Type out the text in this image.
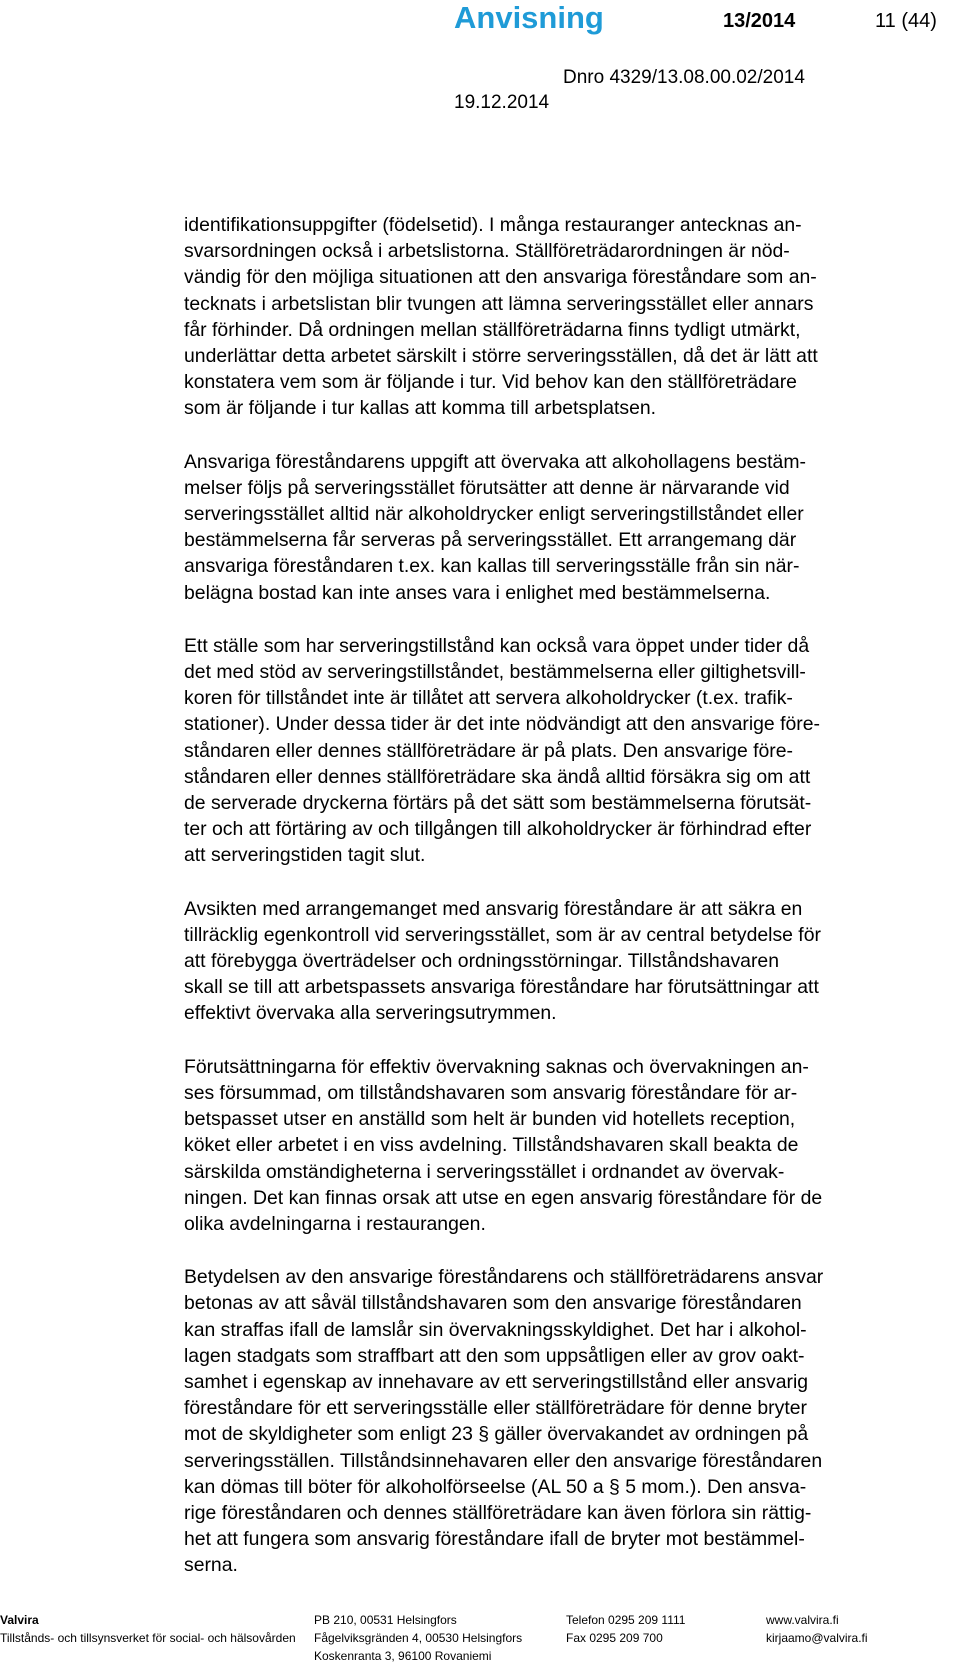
Anvisning	13/2014	11 (44)
Dnro 4329/13.08.00.02/2014
19.12.2014
identifikationsuppgifter (födelsetid). I många restauranger antecknas an-
svarsordningen också i arbetslistorna. Ställföreträdarordningen är nöd-
vändig för den möjliga situationen att den ansvariga föreståndare som an-
tecknats i arbetslistan blir tvungen att lämna serveringsstället eller annars
får förhinder. Då ordningen mellan ställföreträdarna finns tydligt utmärkt,
underlättar detta arbetet särskilt i större serveringsställen, då det är lätt att
konstatera vem som är följande i tur. Vid behov kan den ställföreträdare
som är följande i tur kallas att komma till arbetsplatsen.
Ansvariga föreståndarens uppgift att övervaka att alkohollagens bestäm-
melser följs på serveringsstället förutsätter att denne är närvarande vid
serveringsstället alltid när alkoholdrycker enligt serveringstillståndet eller
bestämmelserna får serveras på serveringsstället. Ett arrangemang där
ansvariga föreståndaren t.ex. kan kallas till serveringsställe från sin när-
belägna bostad kan inte anses vara i enlighet med bestämmelserna.
Ett ställe som har serveringstillstånd kan också vara öppet under tider då
det med stöd av serveringstillståndet, bestämmelserna eller giltighetsvill-
koren för tillståndet inte är tillåtet att servera alkoholdrycker (t.ex. trafik-
stationer). Under dessa tider är det inte nödvändigt att den ansvarige före-
ståndaren eller dennes ställföreträdare är på plats. Den ansvarige före-
ståndaren eller dennes ställföreträdare ska ändå alltid försäkra sig om att
de serverade dryckerna förtärs på det sätt som bestämmelserna förutsät-
ter och att förtäring av och tillgången till alkoholdrycker är förhindrad efter
att serveringstiden tagit slut.
Avsikten med arrangemanget med ansvarig föreståndare är att säkra en
tillräcklig egenkontroll vid serveringsstället, som är av central betydelse för
att förebygga överträdelser och ordningsstörningar. Tillståndshavaren
skall se till att arbetspassets ansvariga föreståndare har förutsättningar att
effektivt övervaka alla serveringsutrymmen.
Förutsättningarna för effektiv övervakning saknas och övervakningen an-
ses försummad, om tillståndshavaren som ansvarig föreståndare för ar-
betspasset utser en anställd som helt är bunden vid hotellets reception,
köket eller arbetet i en viss avdelning. Tillståndshavaren skall beakta de
särskilda omständigheterna i serveringsstället i ordnandet av övervak-
ningen. Det kan finnas orsak att utse en egen ansvarig föreståndare för de
olika avdelningarna i restaurangen.
Betydelsen av den ansvarige föreståndarens och ställföreträdarens ansvar
betonas av att såväl tillståndshavaren som den ansvarige föreståndaren
kan straffas ifall de lamslår sin övervakningsskyldighet. Det har i alkohol-
lagen stadgats som straffbart att den som uppsåtligen eller av grov oakt-
samhet i egenskap av innehavare av ett serveringstillstånd eller ansvarig
föreståndare för ett serveringsställe eller ställföreträdare för denne bryter
mot de skyldigheter som enligt 23 § gäller övervakandet av ordningen på
serveringsställen. Tillståndsinnehavaren eller den ansvarige föreståndaren
kan dömas till böter för alkoholförseelse (AL 50 a § 5 mom.). Den ansva-
rige föreståndaren och dennes ställföreträdare kan även förlora sin rättig-
het att fungera som ansvarig föreståndare ifall de bryter mot bestämmel-
serna.
Valvira
Tillstånds- och tillsynsverket för social- och hälsovården
PB 210, 00531 Helsingfors
Fågelviksgränden 4, 00530 Helsingfors
Koskenranta 3, 96100 Rovaniemi
Telefon 0295 209 1111
Fax 0295 209 700
www.valvira.fi
kirjaamo@valvira.fi
